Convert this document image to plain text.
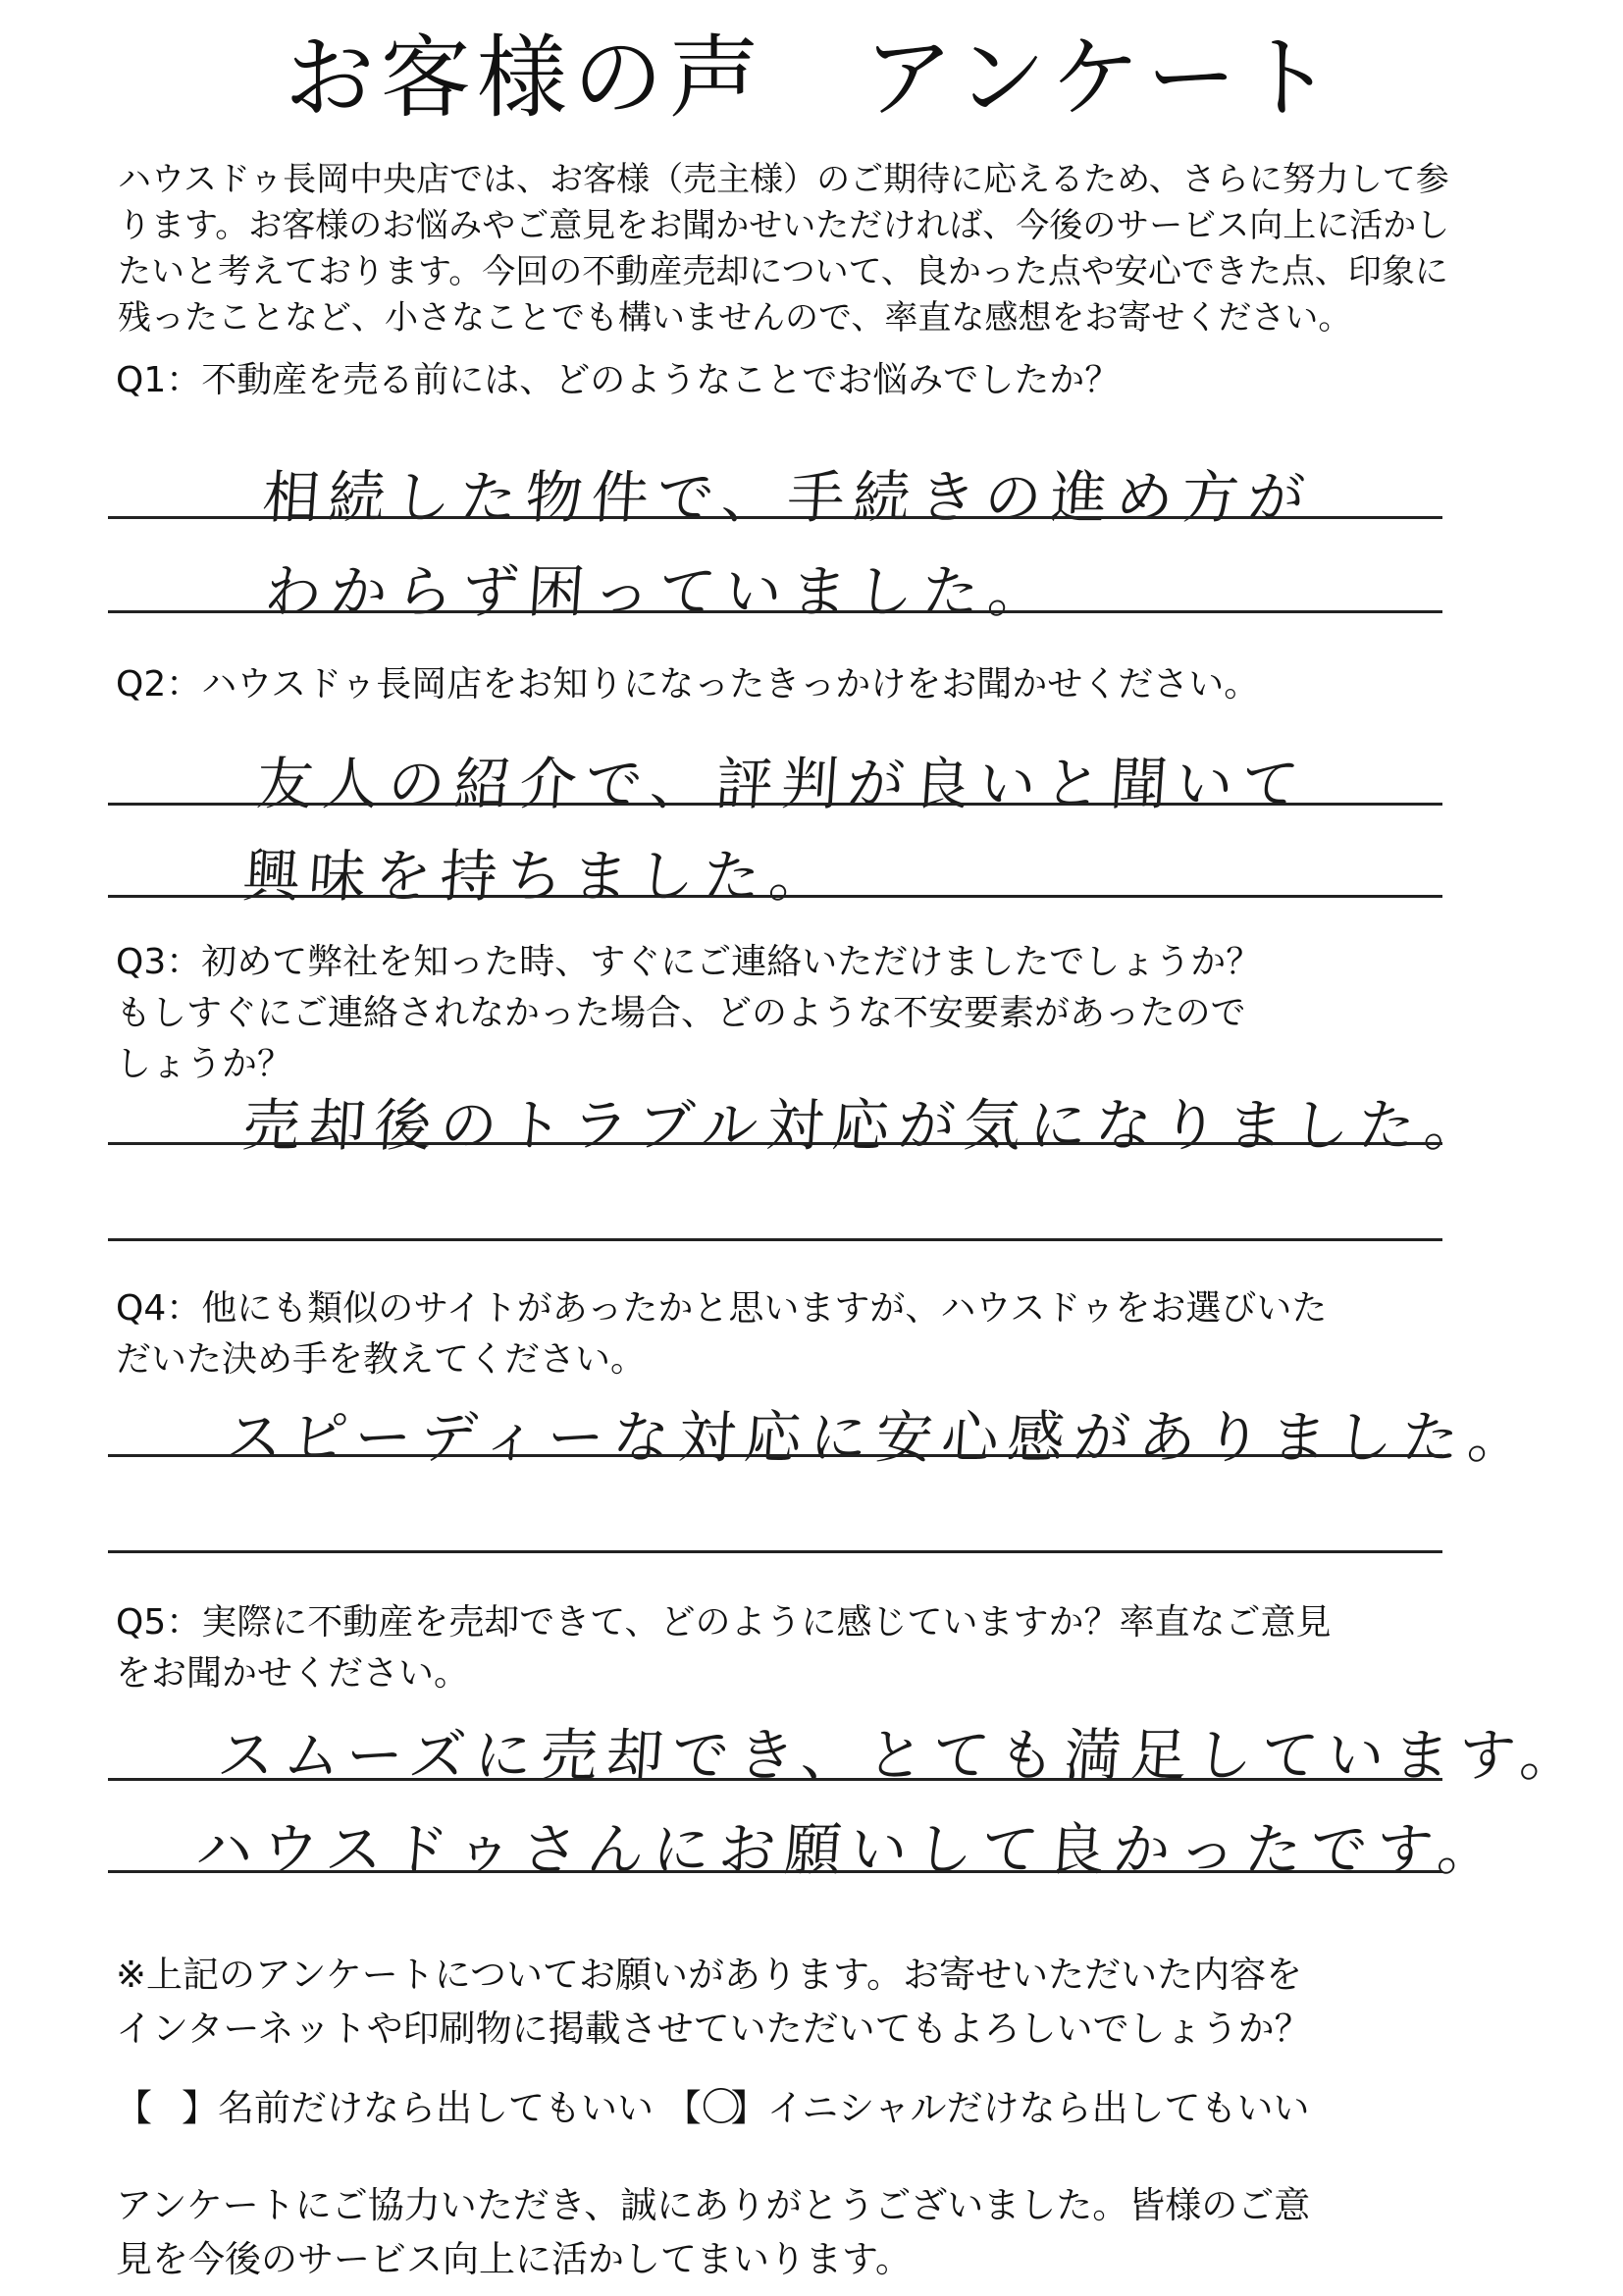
お客様の声 アンケート
ハウスドゥ長岡中央店では、お客様（売主様）のご期待に応えるため、さらに努力して参
ります。お客様のお悩みやご意見をお聞かせいただければ、今後のサービス向上に活かし
たいと考えております。今回の不動産売却について、良かった点や安心できた点、印象に
残ったことなど、小さなことでも構いませんので、率直な感想をお寄せください。
Q1：不動産を売る前には、どのようなことでお悩みでしたか？
相続した物件で、手続きの進め方が
わからず困っていました。
Q2：ハウスドゥ長岡店をお知りになったきっかけをお聞かせください。
友人の紹介で、評判が良いと聞いて
興味を持ちました。
Q3：初めて弊社を知った時、すぐにご連絡いただけましたでしょうか？
もしすぐにご連絡されなかった場合、どのような不安要素があったので
しょうか？
売却後のトラブル対応が気になりました。
Q4：他にも類似のサイトがあったかと思いますが、ハウスドゥをお選びいた
だいた決め手を教えてください。
スピーディーな対応に安心感がありました。
Q5：実際に不動産を売却できて、どのように感じていますか？率直なご意見
をお聞かせください。
スムーズに売却でき、とても満足しています。
ハウスドゥさんにお願いして良かったです。
※上記のアンケートについてお願いがあります。お寄せいただいた内容を
インターネットや印刷物に掲載させていただいてもよろしいでしょうか？
【 】名前だけなら出してもいい 【〇】イニシャルだけなら出してもいい
アンケートにご協力いただき、誠にありがとうございました。皆様のご意
見を今後のサービス向上に活かしてまいります。
